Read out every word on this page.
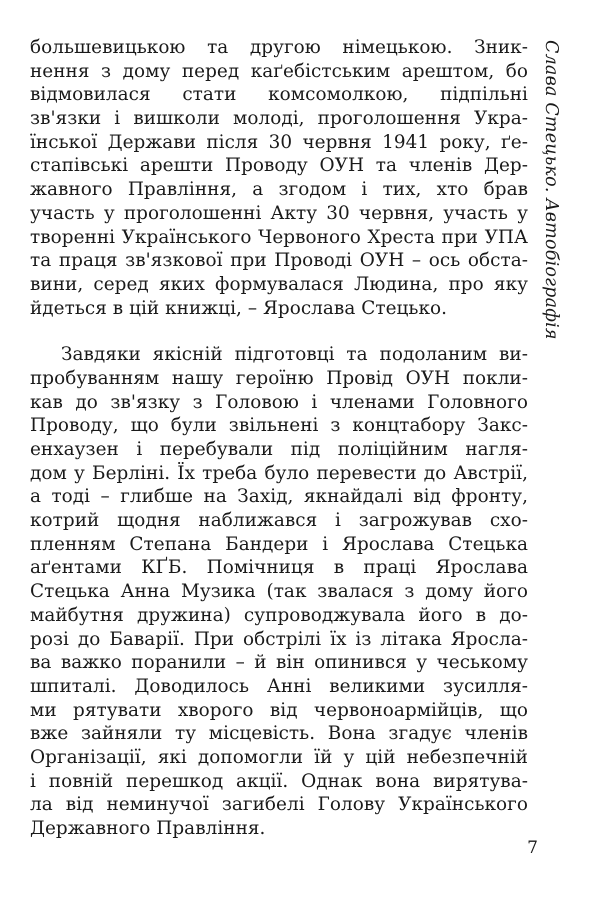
большевицькою та другою німецькою. Зник-
нення з дому перед каґебістським арештом, бо
відмовилася стати комсомолкою, підпільні
зв'язки і вишколи молоді, проголошення Укра-
їнської Держави після 30 червня 1941 року, ґе-
стапівські арешти Проводу ОУН та членів Дер-
жавного Правління, а згодом і тих, хто брав
участь у проголошенні Акту 30 червня, участь у
творенні Українського Червоного Хреста при УПА
та праця зв'язкової при Проводі ОУН – ось обста-
вини, серед яких формувалася Людина, про яку
йдеться в цій книжці, – Ярослава Стецько.
Завдяки якісній підготовці та подоланим ви-
пробуванням нашу героїню Провід ОУН покли-
кав до зв'язку з Головою і членами Головного
Проводу, що були звільнені з концтабору Закс-
енхаузен і перебували під поліційним нагля-
дом у Берліні. Їх треба було перевести до Австрії,
а тоді – глибше на Захід, якнайдалі від фронту,
котрий щодня наближався і загрожував схо-
пленням Степана Бандери і Ярослава Стецька
аґентами КҐБ. Помічниця в праці Ярослава
Стецька Анна Музика (так звалася з дому його
майбутня дружина) супроводжувала його в до-
розі до Баварії. При обстрілі їх із літака Яросла-
ва важко поранили – й він опинився у чеському
шпиталі. Доводилось Анні великими зусилля-
ми рятувати хворого від червоноармійців, що
вже зайняли ту місцевість. Вона згадує членів
Організації, які допомогли їй у цій небезпечній
і повній перешкод акції. Однак вона вирятува-
ла від неминучої загибелі Голову Українського
Державного Правління.
Слава Стецько. Автобіографія
7
